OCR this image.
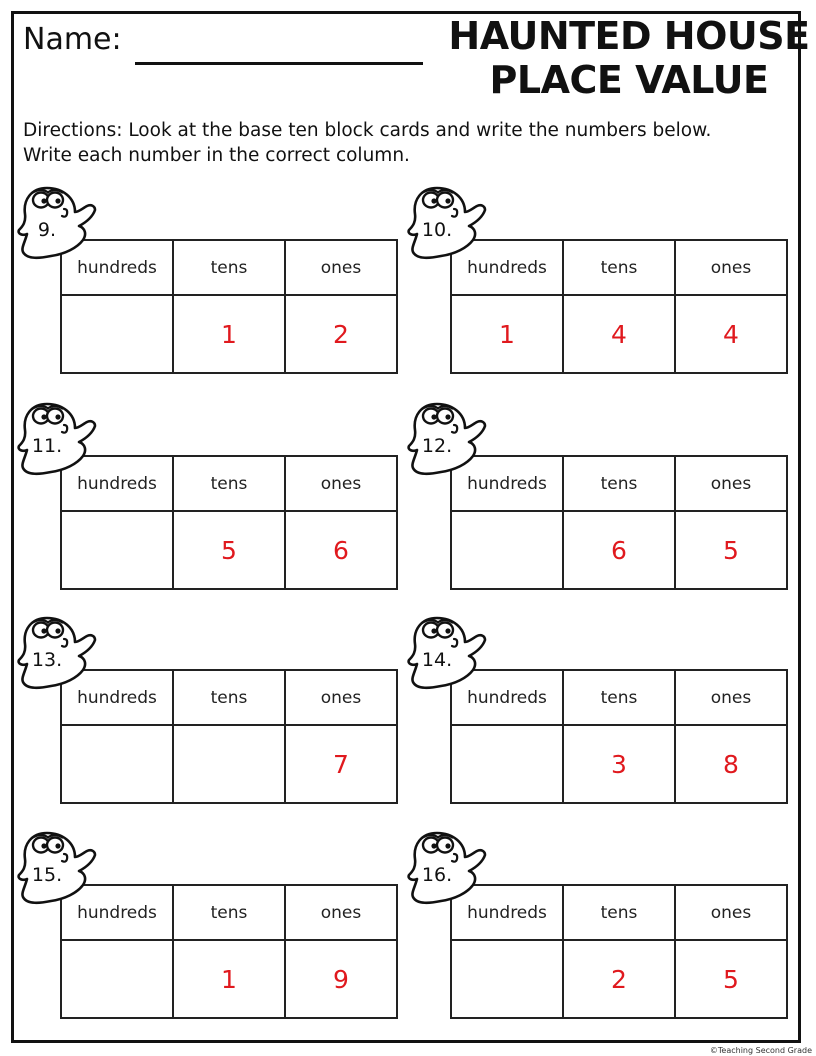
Name:	HAUNTED HOUSE
PLACE VALUE
Directions: Look at the base ten block cards and write the numbers below.
Write each number in the correct column.
hundreds	tens	ones
	1	2
9.
hundreds	tens	ones
1	4	4
10.
hundreds	tens	ones
	5	6
11.
hundreds	tens	ones
	6	5
12.
hundreds	tens	ones
		7
13.
hundreds	tens	ones
	3	8
14.
hundreds	tens	ones
	1	9
15.
hundreds	tens	ones
	2	5
16.
©Teaching Second Grade
